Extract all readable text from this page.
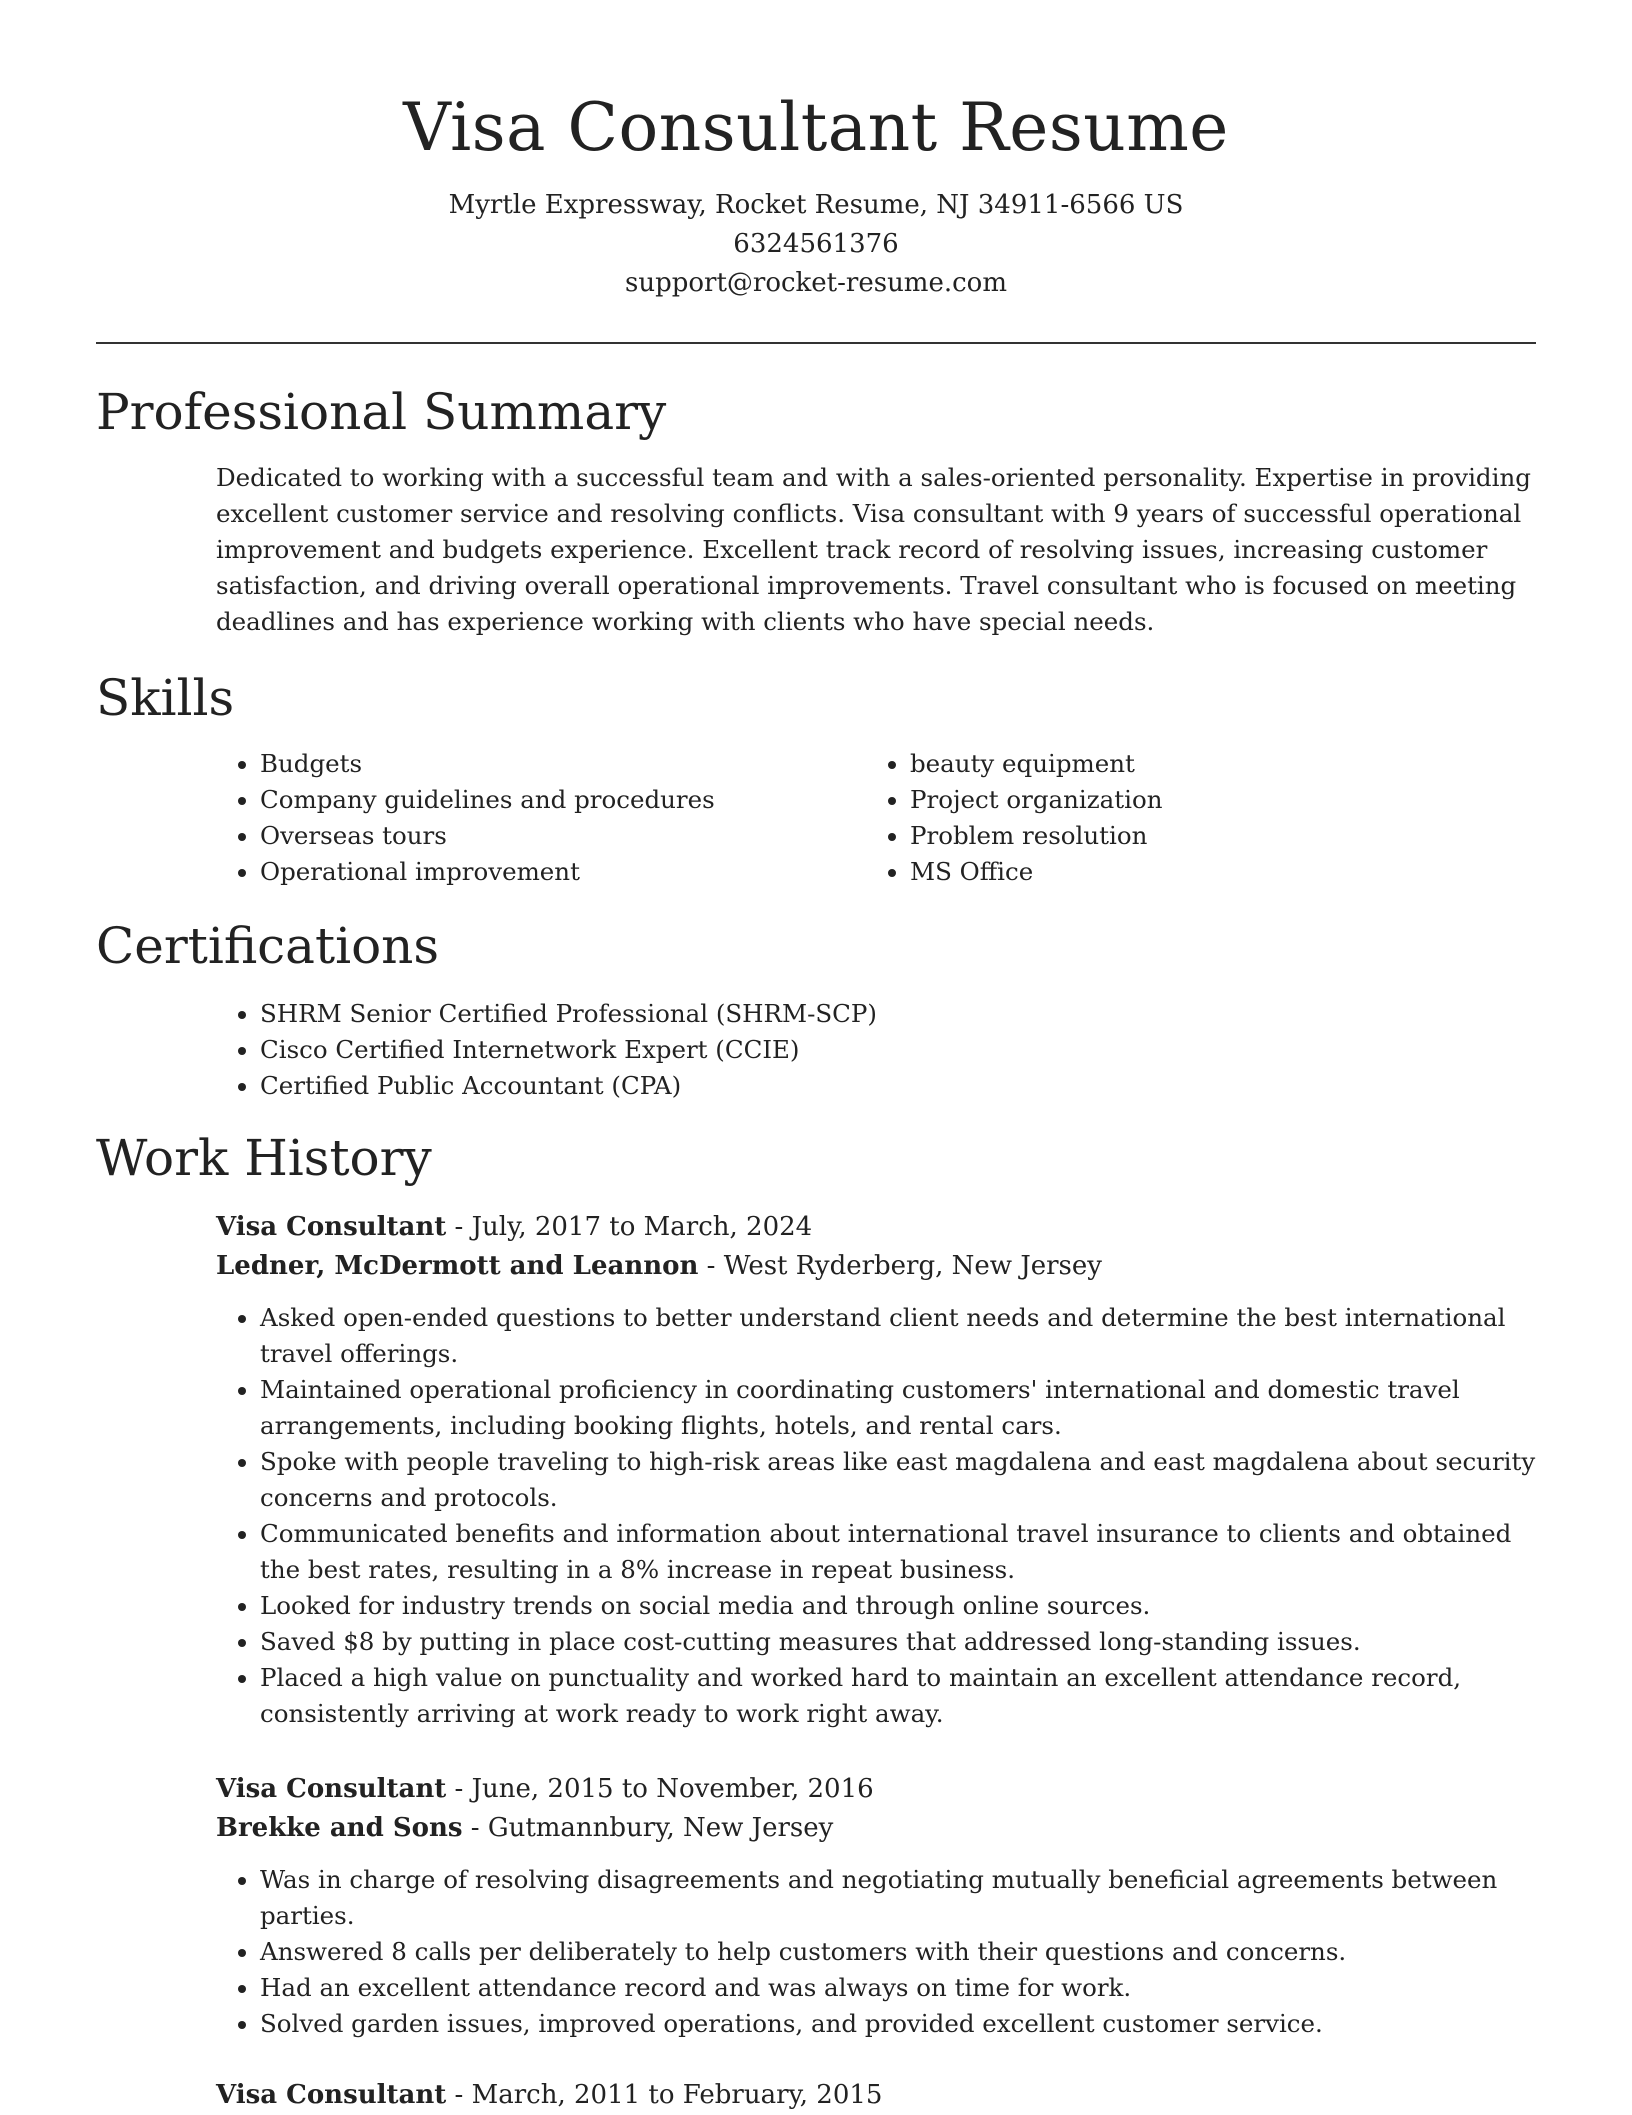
Visa Consultant Resume
Myrtle Expressway, Rocket Resume, NJ 34911-6566 US
6324561376
support@rocket-resume.com
Professional Summary

Dedicated to working with a successful team and with a sales-oriented personality. Expertise in providing excellent customer service and resolving conflicts. Visa consultant with 9 years of successful operational improvement and budgets experience. Excellent track record of resolving issues, increasing customer satisfaction, and driving overall operational improvements. Travel consultant who is focused on meeting deadlines and has experience working with clients who have special needs.

Skills
• Budgets
• Company guidelines and procedures
• Overseas tours
• Operational improvement
• beauty equipment
• Project organization
• Problem resolution
• MS Office
Certifications
• SHRM Senior Certified Professional (SHRM-SCP)
• Cisco Certified Internetwork Expert (CCIE)
• Certified Public Accountant (CPA)
Work History
Visa Consultant - July, 2017 to March, 2024
Ledner, McDermott and Leannon - West Ryderberg, New Jersey
• Asked open-ended questions to better understand client needs and determine the best international travel offerings.
• Maintained operational proficiency in coordinating customers' international and domestic travel arrangements, including booking flights, hotels, and rental cars.
• Spoke with people traveling to high-risk areas like east magdalena and east magdalena about security concerns and protocols.
• Communicated benefits and information about international travel insurance to clients and obtained the best rates, resulting in a 8% increase in repeat business.
• Looked for industry trends on social media and through online sources.
• Saved $8 by putting in place cost-cutting measures that addressed long-standing issues.
• Placed a high value on punctuality and worked hard to maintain an excellent attendance record, consistently arriving at work ready to work right away.
Visa Consultant - June, 2015 to November, 2016
Brekke and Sons - Gutmannbury, New Jersey
• Was in charge of resolving disagreements and negotiating mutually beneficial agreements between parties.
• Answered 8 calls per deliberately to help customers with their questions and concerns.
• Had an excellent attendance record and was always on time for work.
• Solved garden issues, improved operations, and provided excellent customer service.
Visa Consultant - March, 2011 to February, 2015
